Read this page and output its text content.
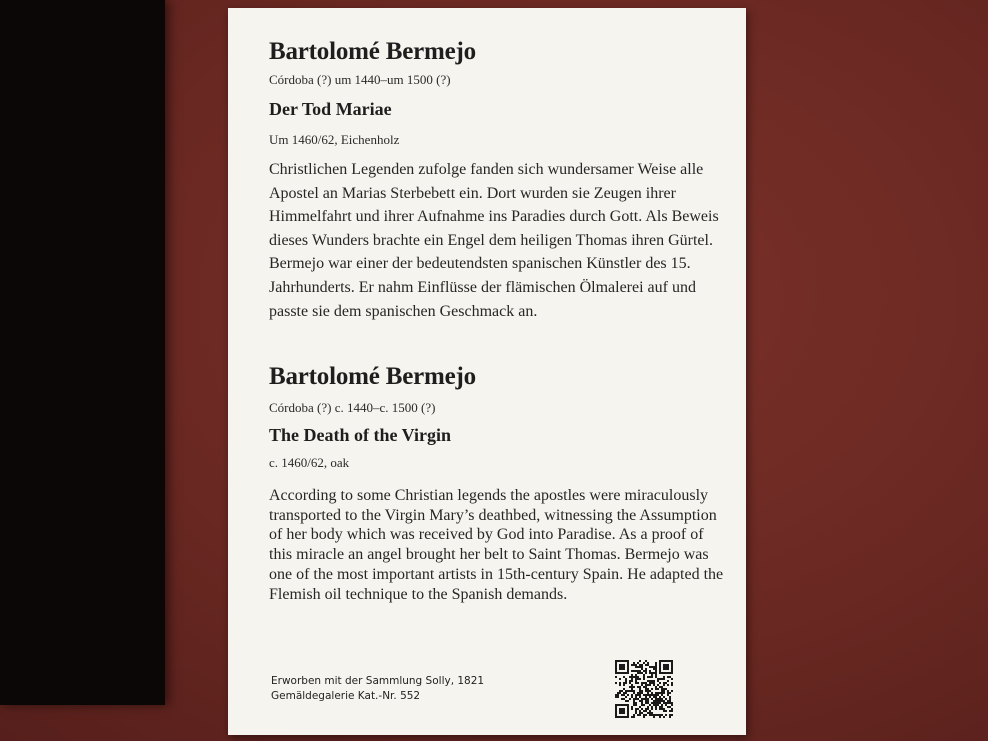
Bartolomé Bermejo

Córdoba (?) um 1440–um 1500 (?)

Der Tod Mariae

Um 1460/62, Eichenholz

Christlichen Legenden zufolge fanden sich wundersamer Weise alle Apostel an Marias Sterbebett ein. Dort wurden sie Zeugen ihrer Himmelfahrt und ihrer Aufnahme ins Paradies durch Gott. Als Beweis dieses Wunders brachte ein Engel dem heiligen Thomas ihren Gürtel. Bermejo war einer der bedeutendsten spanischen Künstler des 15. Jahrhunderts. Er nahm Einflüsse der flämischen Ölmalerei auf und passte sie dem spanischen Geschmack an.

Bartolomé Bermejo

Córdoba (?) c. 1440–c. 1500 (?)

The Death of the Virgin

c. 1460/62, oak

According to some Christian legends the apostles were miraculously transported to the Virgin Mary’s deathbed, witnessing the Assumption of her body which was received by God into Paradise. As a proof of this miracle an angel brought her belt to Saint Thomas. Bermejo was one of the most important artists in 15th-century Spain. He adapted the Flemish oil technique to the Spanish demands.

Erworben mit der Sammlung Solly, 1821
Gemäldegalerie Kat.-Nr. 552
